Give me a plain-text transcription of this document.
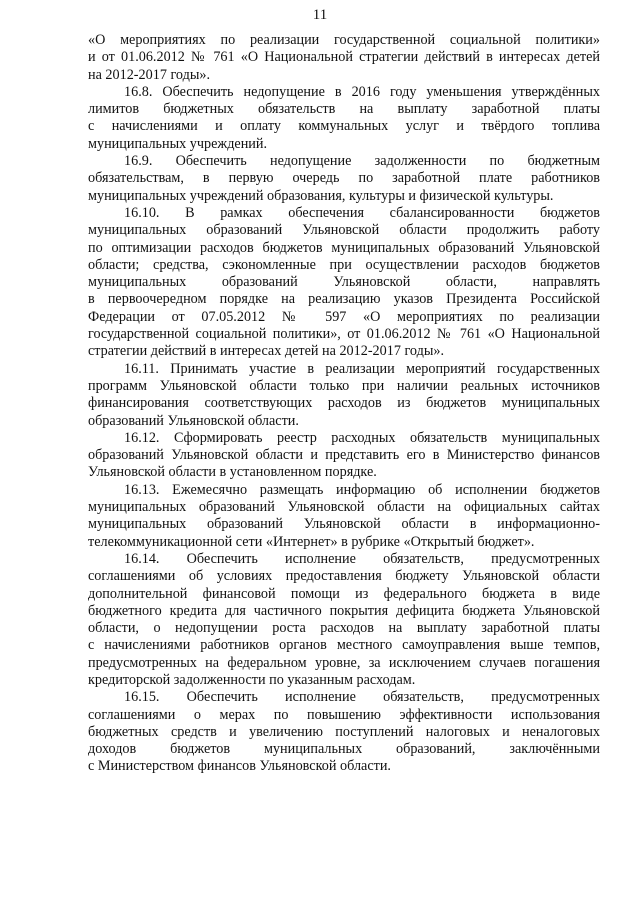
11
«О мероприятиях по реализации государственной социальной политики»
и от 01.06.2012 № 761 «О Национальной стратегии действий в интересах детей
на 2012-2017 годы».
16.8. Обеспечить недопущение в 2016 году уменьшения утверждённых
лимитов бюджетных обязательств на выплату заработной платы
с начислениями и оплату коммунальных услуг и твёрдого топлива
муниципальных учреждений.
16.9. Обеспечить недопущение задолженности по бюджетным
обязательствам, в первую очередь по заработной плате работников
муниципальных учреждений образования, культуры и физической культуры.
16.10. В рамках обеспечения сбалансированности бюджетов
муниципальных образований Ульяновской области продолжить работу
по оптимизации расходов бюджетов муниципальных образований Ульяновской
области; средства, сэкономленные при осуществлении расходов бюджетов
муниципальных образований Ульяновской области, направлять
в первоочередном порядке на реализацию указов Президента Российской
Федерации от 07.05.2012 № 597 «О мероприятиях по реализации
государственной социальной политики», от 01.06.2012 № 761 «О Национальной
стратегии действий в интересах детей на 2012-2017 годы».
16.11. Принимать участие в реализации мероприятий государственных
программ Ульяновской области только при наличии реальных источников
финансирования соответствующих расходов из бюджетов муниципальных
образований Ульяновской области.
16.12. Сформировать реестр расходных обязательств муниципальных
образований Ульяновской области и представить его в Министерство финансов
Ульяновской области в установленном порядке.
16.13. Ежемесячно размещать информацию об исполнении бюджетов
муниципальных образований Ульяновской области на официальных сайтах
муниципальных образований Ульяновской области в информационно-
телекоммуникационной сети «Интернет» в рубрике «Открытый бюджет».
16.14. Обеспечить исполнение обязательств, предусмотренных
соглашениями об условиях предоставления бюджету Ульяновской области
дополнительной финансовой помощи из федерального бюджета в виде
бюджетного кредита для частичного покрытия дефицита бюджета Ульяновской
области, о недопущении роста расходов на выплату заработной платы
с начислениями работников органов местного самоуправления выше темпов,
предусмотренных на федеральном уровне, за исключением случаев погашения
кредиторской задолженности по указанным расходам.
16.15. Обеспечить исполнение обязательств, предусмотренных
соглашениями о мерах по повышению эффективности использования
бюджетных средств и увеличению поступлений налоговых и неналоговых
доходов бюджетов муниципальных образований, заключёнными
с Министерством финансов Ульяновской области.
